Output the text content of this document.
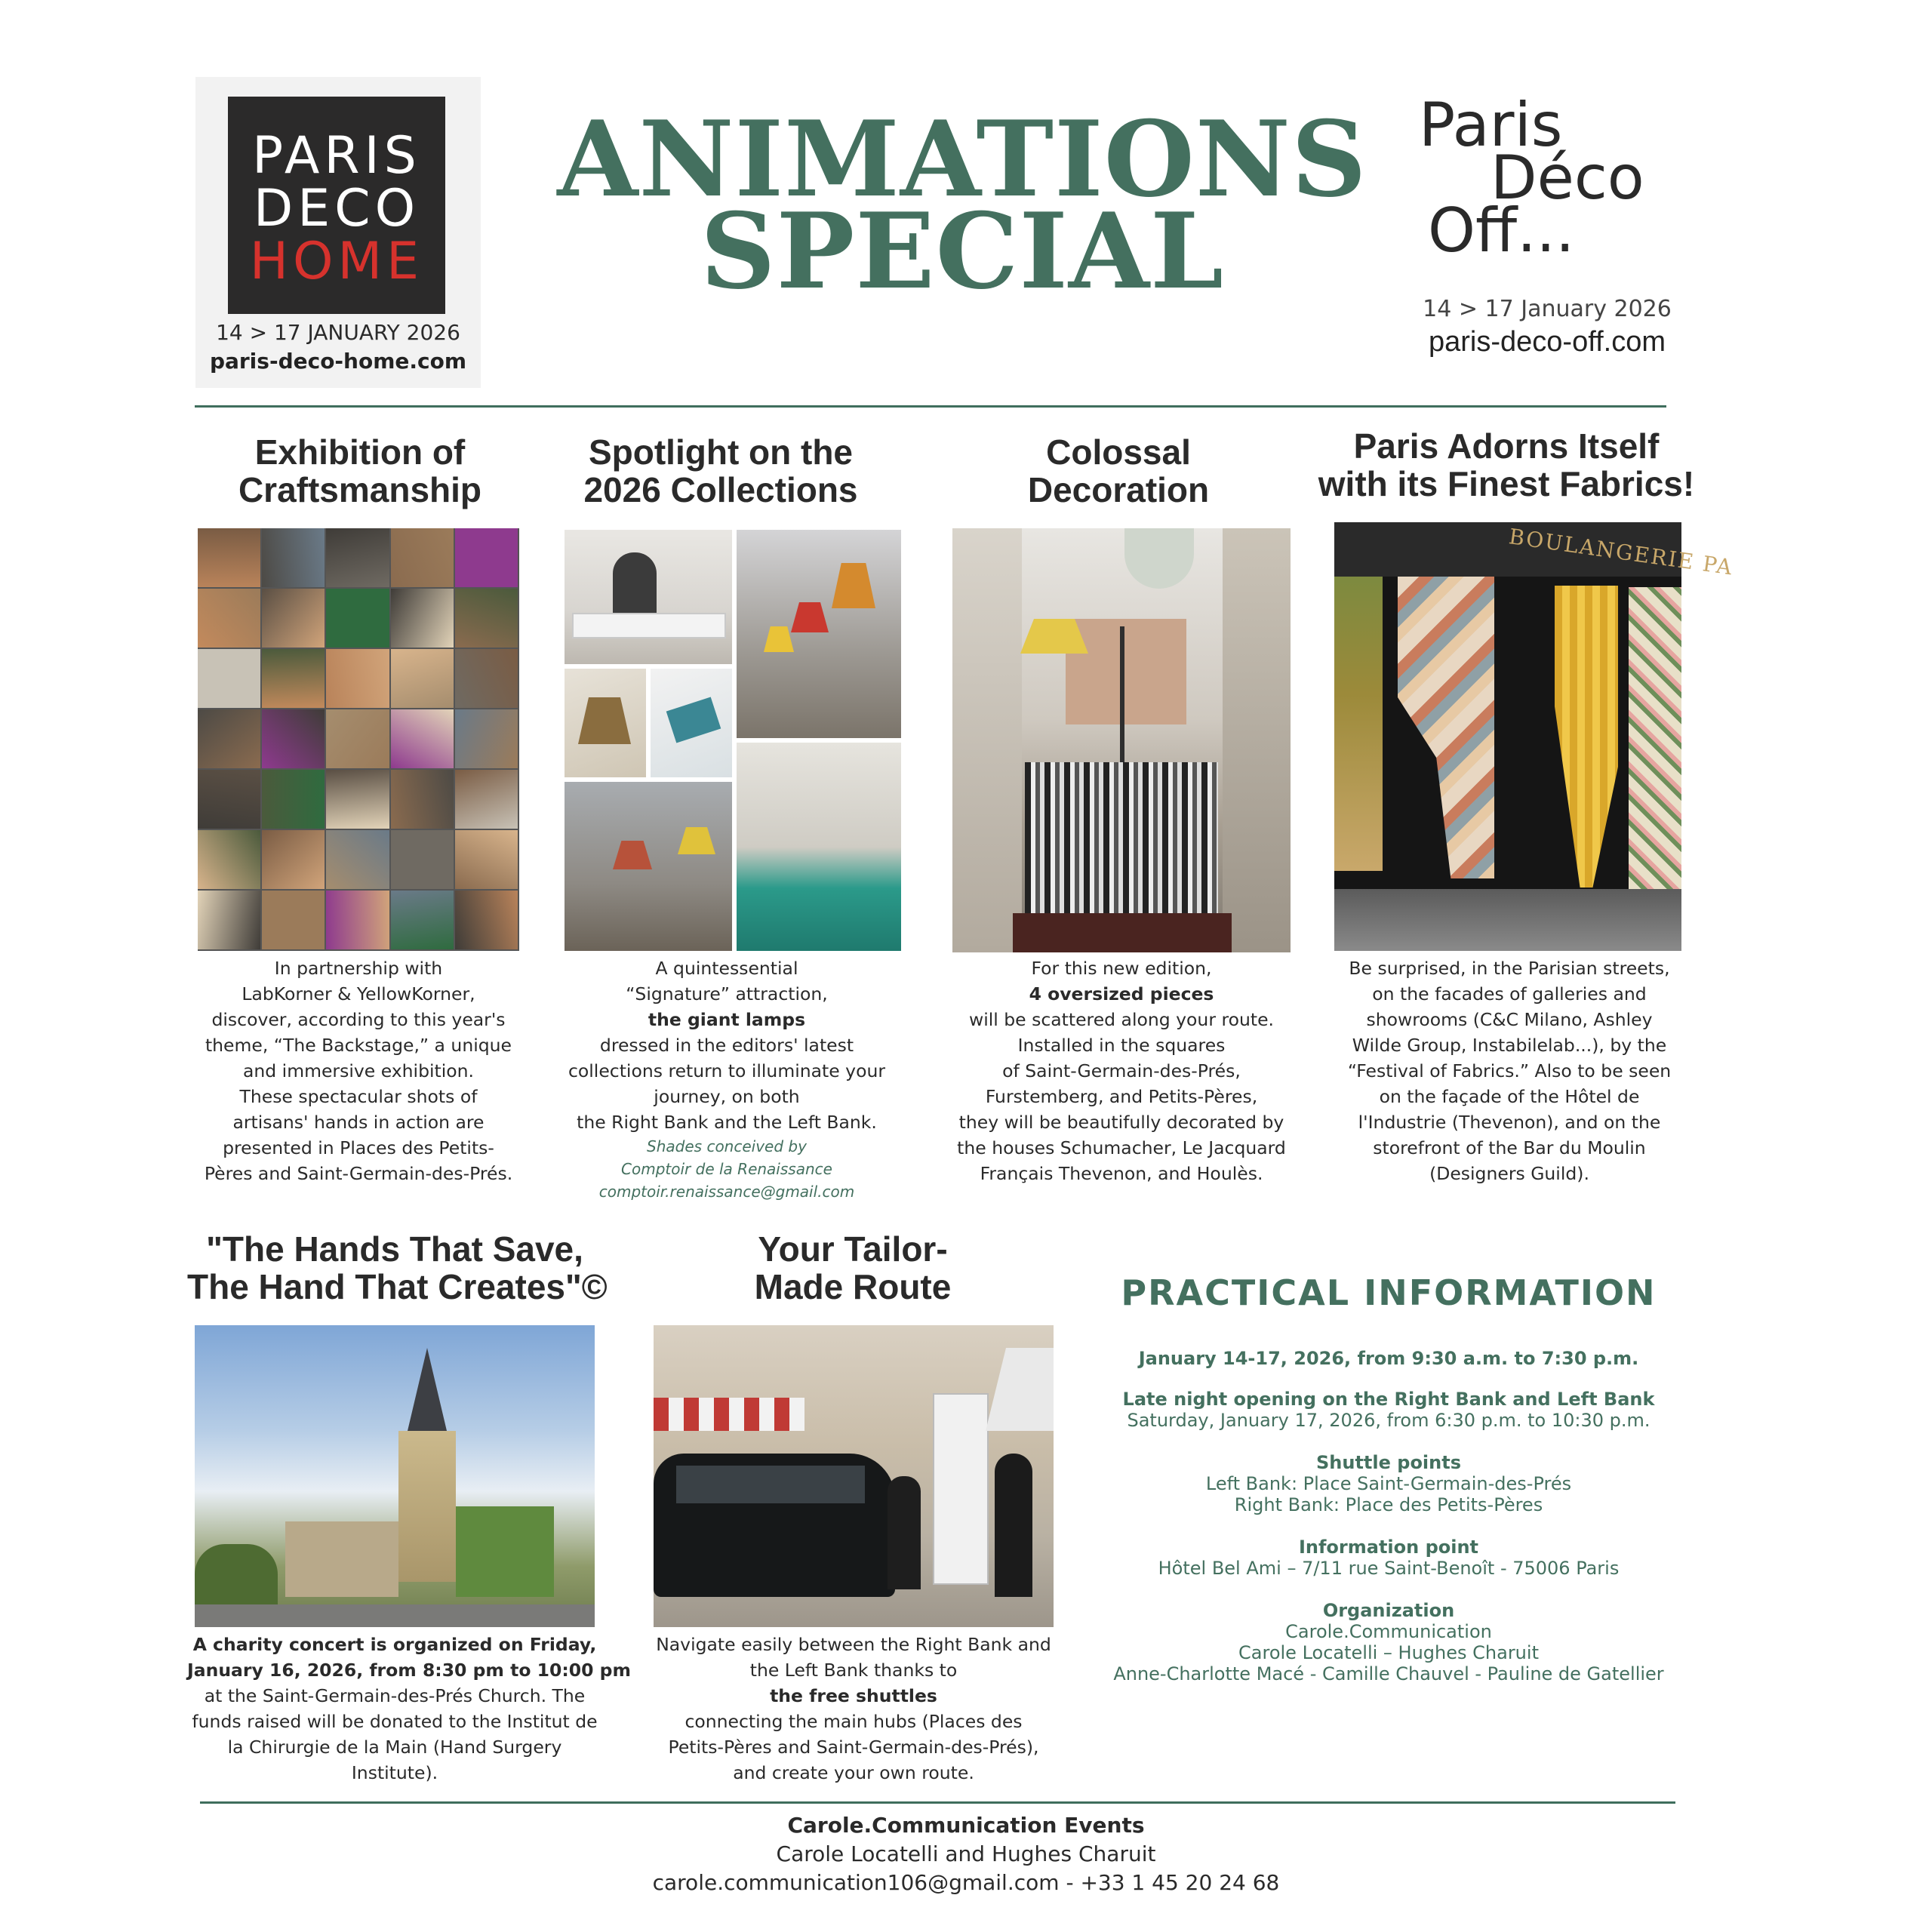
PARIS
DECO
HOME
14 > 17 JANUARY 2026
paris-deco-home.com
ANIMATIONS
SPECIAL
Paris
Déco
Off...
14 > 17 January 2026
paris-deco-off.com
Exhibition of
Craftsmanship
In partnership with
LabKorner & YellowKorner,
discover, according to this year's
theme, “The Backstage,” a unique
and immersive exhibition.
These spectacular shots of
artisans' hands in action are
presented in Places des Petits-
Pères and Saint-Germain-des-Prés.
Spotlight on the
2026 Collections
A quintessential
“Signature” attraction,
the giant lamps
dressed in the editors' latest
collections return to illuminate your
journey, on both
the Right Bank and the Left Bank.
Shades conceived by
Comptoir de la Renaissance
comptoir.renaissance@gmail.com
Colossal
Decoration
For this new edition,
4 oversized pieces
will be scattered along your route.
Installed in the squares
of Saint-Germain-des-Prés,
Furstemberg, and Petits-Pères,
they will be beautifully decorated by
the houses Schumacher, Le Jacquard
Français Thevenon, and Houlès.
Paris Adorns Itself
with its Finest Fabrics!
BOULANGERIE PA
Be surprised, in the Parisian streets,
on the facades of galleries and
showrooms (C&C Milano, Ashley
Wilde Group, Instabilelab...), by the
“Festival of Fabrics.” Also to be seen
on the façade of the Hôtel de
l'Industrie (Thevenon), and on the
storefront of the Bar du Moulin
(Designers Guild).
"The Hands That Save,
The Hand That Creates"©
A charity concert is organized on Friday,
January 16, 2026, from 8:30 pm to 10:00 pm
at the Saint-Germain-des-Prés Church. The
funds raised will be donated to the Institut de
la Chirurgie de la Main (Hand Surgery
Institute).
Your Tailor-
Made Route
Navigate easily between the Right Bank and
the Left Bank thanks to
the free shuttles
connecting the main hubs (Places des
Petits-Pères and Saint-Germain-des-Prés),
and create your own route.
PRACTICAL INFORMATION
January 14-17, 2026, from 9:30 a.m. to 7:30 p.m.
Late night opening on the Right Bank and Left Bank
Saturday, January 17, 2026, from 6:30 p.m. to 10:30 p.m.
Shuttle points
Left Bank: Place Saint-Germain-des-Prés
Right Bank: Place des Petits-Pères
Information point
Hôtel Bel Ami – 7/11 rue Saint-Benoît - 75006 Paris
Organization
Carole.Communication
Carole Locatelli – Hughes Charuit
Anne-Charlotte Macé - Camille Chauvel - Pauline de Gatellier
Carole.Communication Events
Carole Locatelli and Hughes Charuit
carole.communication106@gmail.com - +33 1 45 20 24 68
